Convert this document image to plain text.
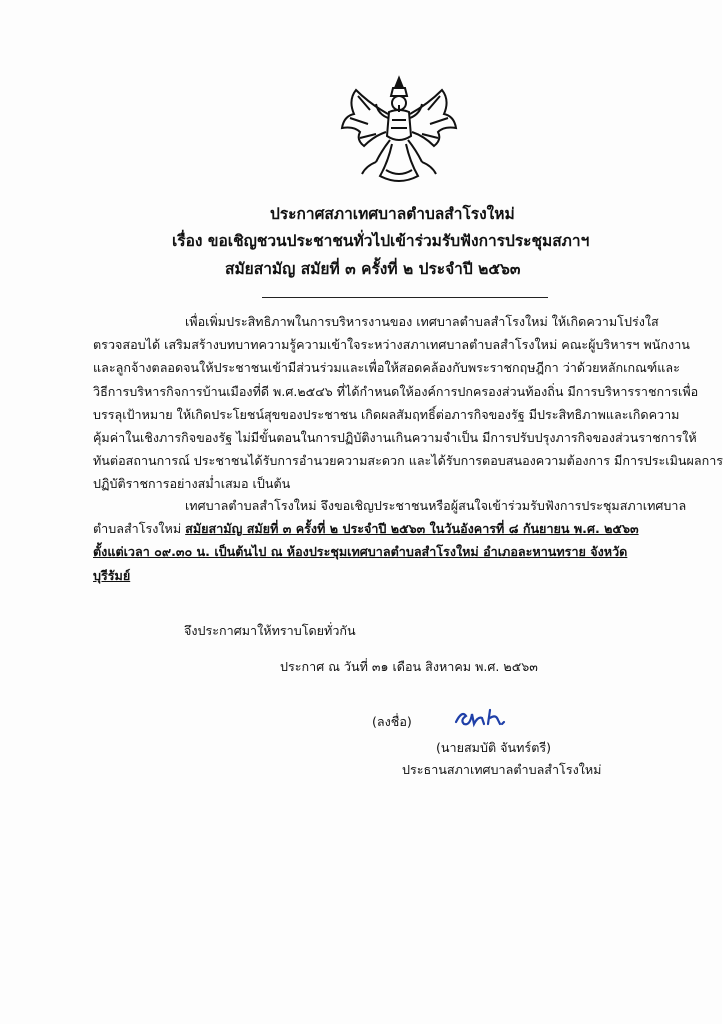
ประกาศสภาเทศบาลตำบลสำโรงใหม่
เรื่อง ขอเชิญชวนประชาชนทั่วไปเข้าร่วมรับฟังการประชุมสภาฯ
สมัยสามัญ สมัยที่ ๓ ครั้งที่ ๒ ประจำปี ๒๕๖๓
เพื่อเพิ่มประสิทธิภาพในการบริหารงานของ เทศบาลตำบลสำโรงใหม่ ให้เกิดความโปร่งใส
ตรวจสอบได้ เสริมสร้างบทบาทความรู้ความเข้าใจระหว่างสภาเทศบาลตำบลสำโรงใหม่ คณะผู้บริหารฯ พนักงาน
และลูกจ้างตลอดจนให้ประชาชนเข้ามีส่วนร่วมและเพื่อให้สอดคล้องกับพระราชกฤษฎีกา ว่าด้วยหลักเกณฑ์และ
วิธีการบริหารกิจการบ้านเมืองที่ดี พ.ศ.๒๕๔๖ ที่ได้กำหนดให้องค์การปกครองส่วนท้องถิ่น มีการบริหารราชการเพื่อ
บรรลุเป้าหมาย ให้เกิดประโยชน์สุขของประชาชน เกิดผลสัมฤทธิ์ต่อภารกิจของรัฐ มีประสิทธิภาพและเกิดความ
คุ้มค่าในเชิงภารกิจของรัฐ ไม่มีขั้นตอนในการปฏิบัติงานเกินความจำเป็น มีการปรับปรุงภารกิจของส่วนราชการให้
ทันต่อสถานการณ์ ประชาชนได้รับการอำนวยความสะดวก และได้รับการตอบสนองความต้องการ มีการประเมินผลการ
ปฏิบัติราชการอย่างสม่ำเสมอ เป็นต้น
เทศบาลตำบลสำโรงใหม่ จึงขอเชิญประชาชนหรือผู้สนใจเข้าร่วมรับฟังการประชุมสภาเทศบาล
ตำบลสำโรงใหม่ สมัยสามัญ สมัยที่ ๓ ครั้งที่ ๒ ประจำปี ๒๕๖๓ ในวันอังคารที่ ๘ กันยายน พ.ศ. ๒๕๖๓
ตั้งแต่เวลา ๐๙.๓๐ น. เป็นต้นไป ณ ห้องประชุมเทศบาลตำบลสำโรงใหม่ อำเภอละหานทราย จังหวัด
บุรีรัมย์
จึงประกาศมาให้ทราบโดยทั่วกัน
ประกาศ ณ วันที่ ๓๑ เดือน สิงหาคม พ.ศ. ๒๕๖๓
(ลงชื่อ)
(นายสมบัติ จันทร์ตรี)
ประธานสภาเทศบาลตำบลสำโรงใหม่
